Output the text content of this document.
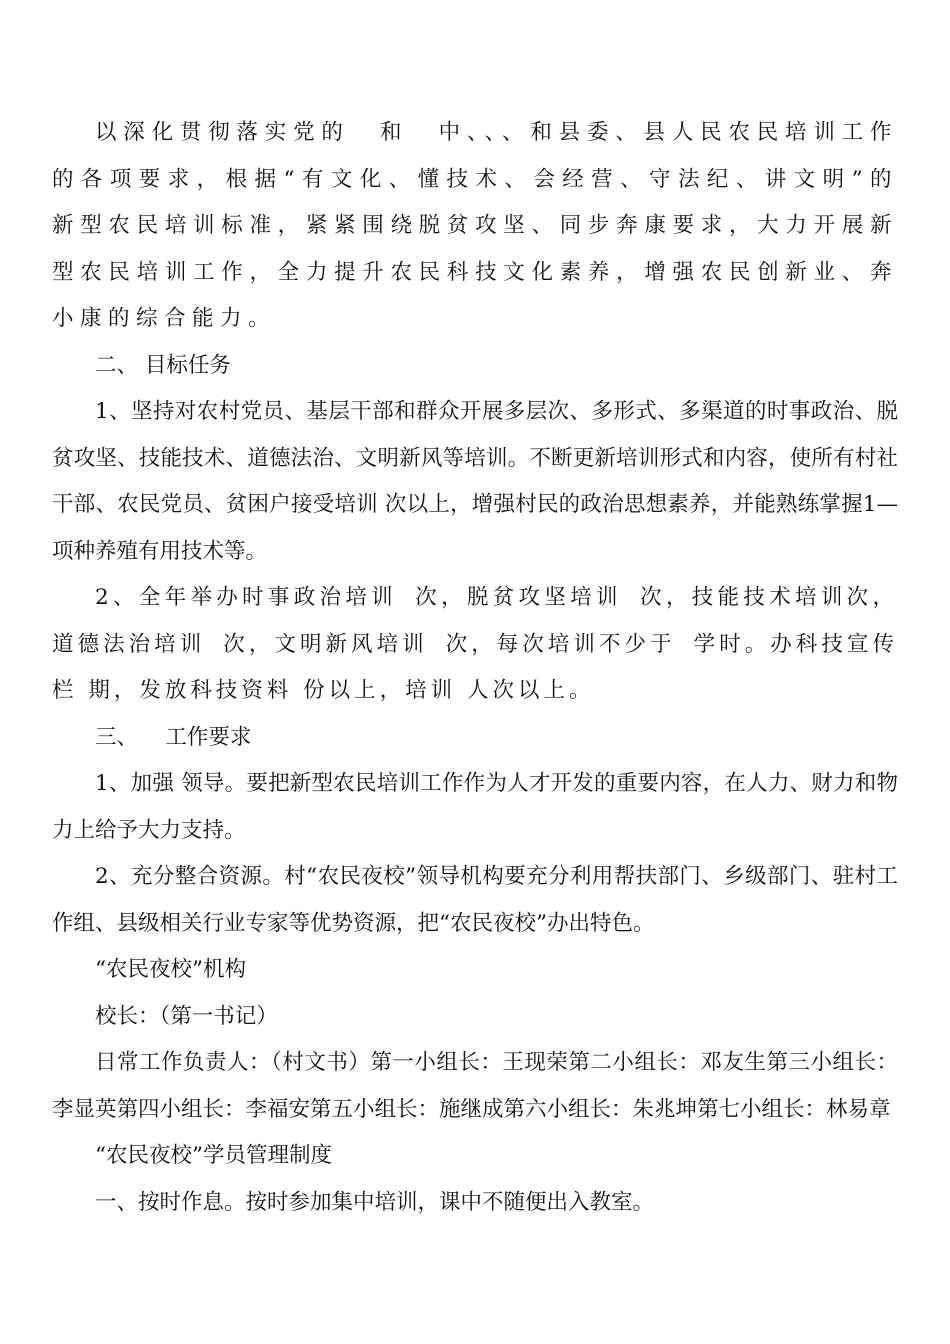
以深化贯彻落实党的 和 中、、、和县委、县人民农民培训工作的各项要求，根据“有文化、懂技术、会经营、守法纪、讲文明”的新型农民培训标准，紧紧围绕脱贫攻坚、同步奔康要求，大力开展新型农民培训工作，全力提升农民科技文化素养，增强农民创新业、奔小康的综合能力。

二、 目标任务

1、坚持对农村党员、基层干部和群众开展多层次、多形式、多渠道的时事政治、脱贫攻坚、技能技术、道德法治、文明新风等培训。不断更新培训形式和内容，使所有村社干部、农民党员、贫困户接受培训 次以上，增强村民的政治思想素养，并能熟练掌握1—项种养殖有用技术等。

2、全年举办时事政治培训 次，脱贫攻坚培训 次，技能技术培训次，道德法治培训 次，文明新风培训 次，每次培训不少于 学时。办科技宣传栏 期，发放科技资料 份以上，培训 人次以上。

三、    工作要求

1、加强 领导。要把新型农民培训工作作为人才开发的重要内容，在人力、财力和物力上给予大力支持。

2、充分整合资源。村“农民夜校”领导机构要充分利用帮扶部门、乡级部门、驻村工作组、县级相关行业专家等优势资源，把“农民夜校”办出特色。

“农民夜校”机构

校长：（第一书记）

日常工作负责人：（村文书）第一小组长：王现荣第二小组长：邓友生第三小组长：李显英第四小组长：李福安第五小组长：施继成第六小组长：朱兆坤第七小组长：林易章

“农民夜校”学员管理制度

一、按时作息。按时参加集中培训，课中不随便出入教室。
